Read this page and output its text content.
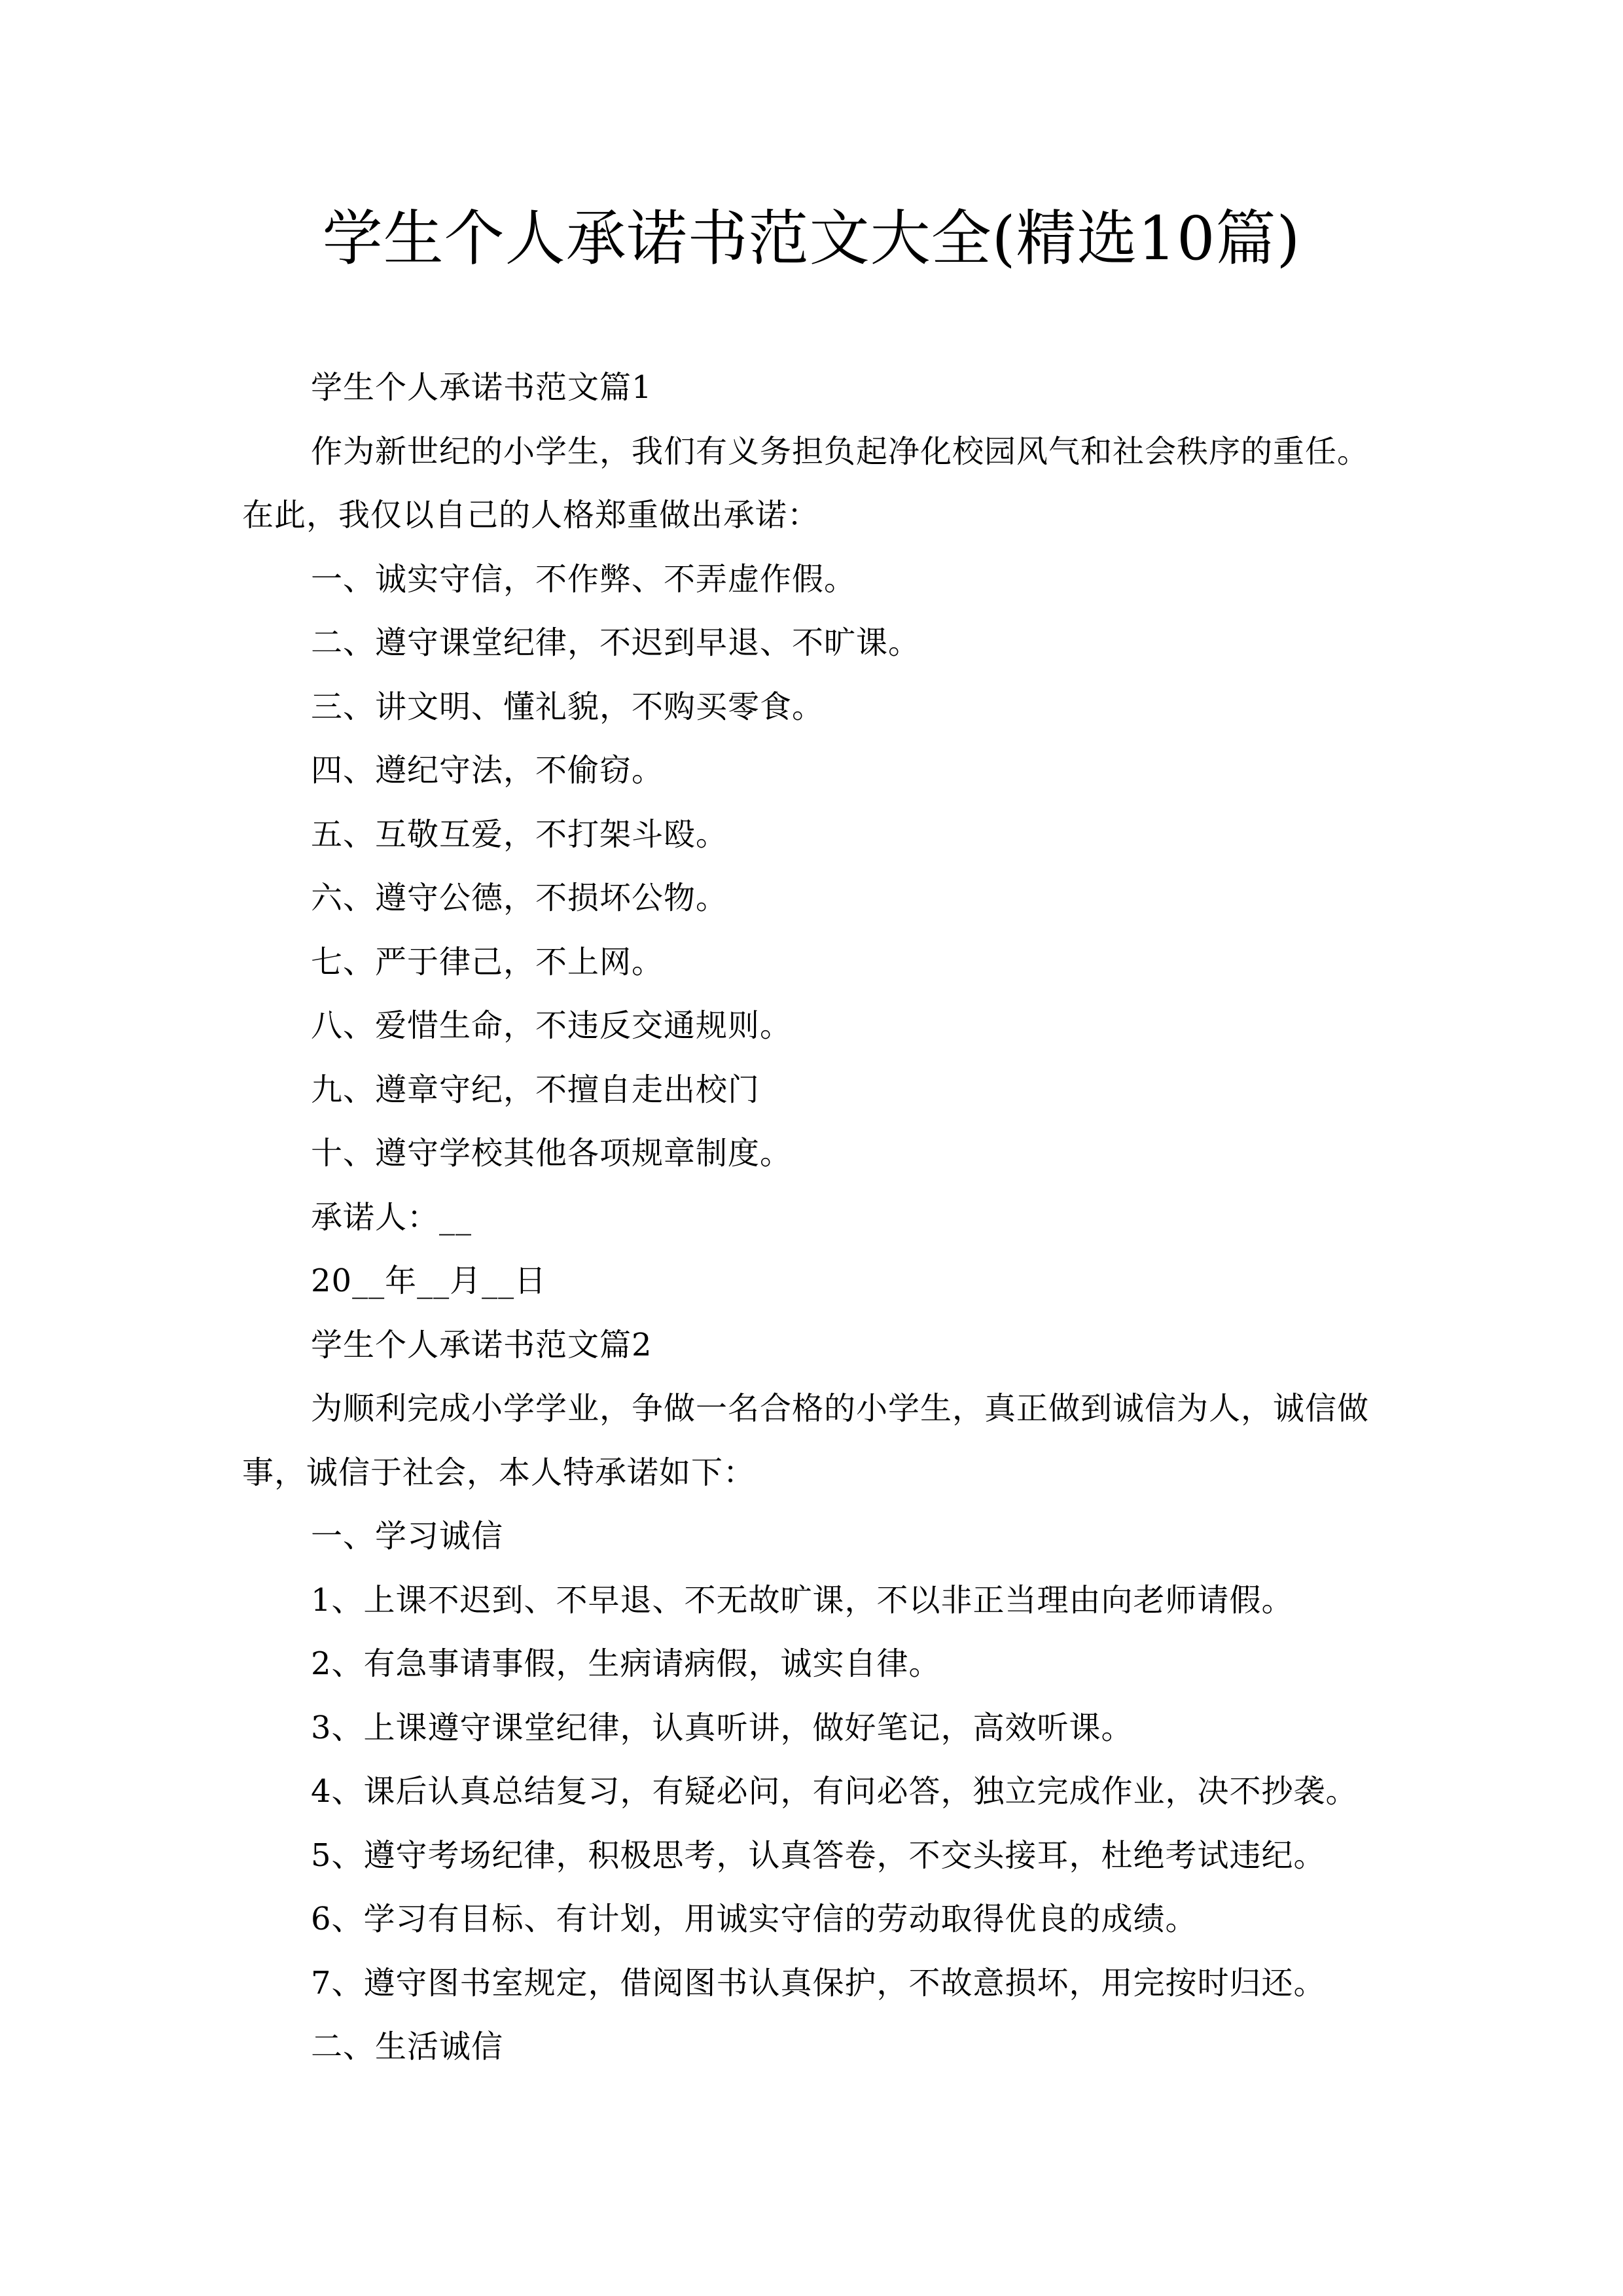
学生个人承诺书范文大全(精选10篇)
学生个人承诺书范文篇1
作为新世纪的小学生，我们有义务担负起净化校园风气和社会秩序的重任。
在此，我仅以自己的人格郑重做出承诺：
一、诚实守信，不作弊、不弄虚作假。
二、遵守课堂纪律，不迟到早退、不旷课。
三、讲文明、懂礼貌，不购买零食。
四、遵纪守法，不偷窃。
五、互敬互爱，不打架斗殴。
六、遵守公德，不损坏公物。
七、严于律己，不上网。
八、爱惜生命，不违反交通规则。
九、遵章守纪，不擅自走出校门
十、遵守学校其他各项规章制度。
承诺人：__
20__年__月__日
学生个人承诺书范文篇2
为顺利完成小学学业，争做一名合格的小学生，真正做到诚信为人，诚信做
事，诚信于社会，本人特承诺如下：
一、学习诚信
1、上课不迟到、不早退、不无故旷课，不以非正当理由向老师请假。
2、有急事请事假，生病请病假，诚实自律。
3、上课遵守课堂纪律，认真听讲，做好笔记，高效听课。
4、课后认真总结复习，有疑必问，有问必答，独立完成作业，决不抄袭。
5、遵守考场纪律，积极思考，认真答卷，不交头接耳，杜绝考试违纪。
6、学习有目标、有计划，用诚实守信的劳动取得优良的成绩。
7、遵守图书室规定，借阅图书认真保护，不故意损坏，用完按时归还。
二、生活诚信
